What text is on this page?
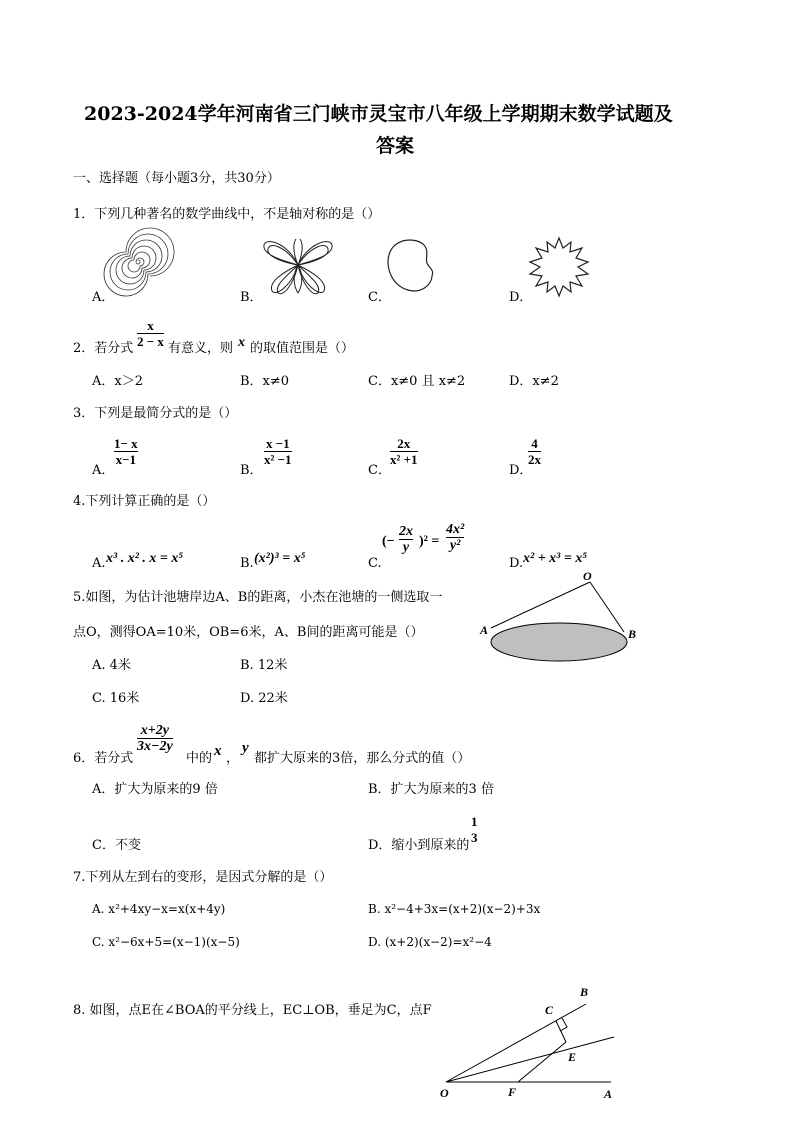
2023-2024学年河南省三门峡市灵宝市八年级上学期期末数学试题及
答案
一、选择题（每小题3分，共30分）
1．下列几种著名的数学曲线中，不是轴对称的是（）
A．	B．	C．	D．
2．若分式
x
2 − x 有意义，则 x 的取值范围是（）
A．x＞2	B．x≠0	C．x≠0 且 x≠2	D．x≠2
3．下列是最简分式的是（）
A．
1− x
x−1
B．
x −1
x² −1
C．
2x
x² +1
D．
4
2x
4.下列计算正确的是（）
A. x³ . x² . x = x⁵	B. (x²)³ = x⁵	C.
(−
2x
y )² =
4x²
y²
D. x² + x³ = x⁵
5.如图，为估计池塘岸边A、B的距离，小杰在池塘的一侧选取一
点O，测得OA=10米，OB=6米，A、B间的距离可能是（）
A. 4米	B. 12米
C. 16米	D. 22米
O
A	B
6．若分式
x+2y
3x−2y
中的 x ，
y
都扩大原来的3倍，那么分式的值（）
A．扩大为原来的9 倍	B．扩大为原来的3 倍
C．不变	D．缩小到原来的
1
3
7.下列从左到右的变形，是因式分解的是（）
A. x²+4xy−x=x(x+4y)	B. x²−4+3x=(x+2)(x−2)+3x
C. x²−6x+5=(x−1)(x−5)	D. (x+2)(x−2)=x²−4
8. 如图，点E在∠BOA的平分线上，EC⊥OB，垂足为C，点F
B
C
E
O	F	A
